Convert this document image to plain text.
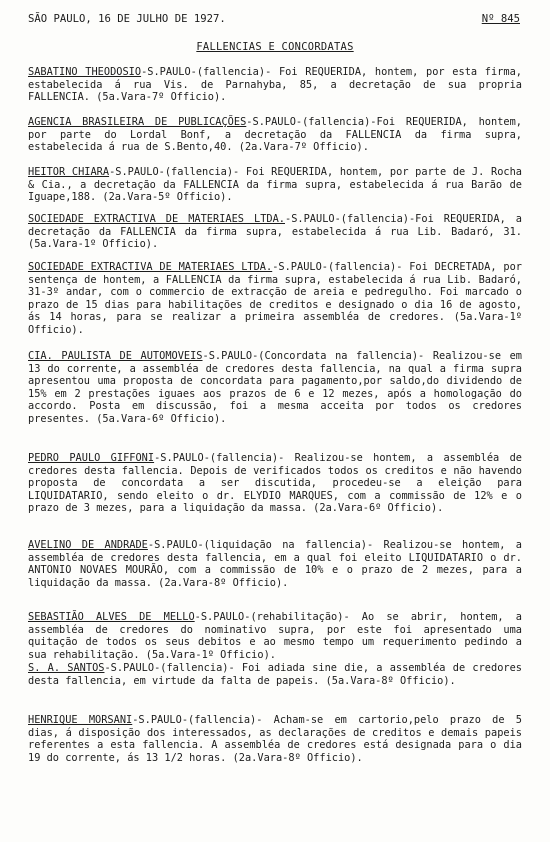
SÃO PAULO, 16 DE JULHO DE 1927.	Nº 845
FALLENCIAS E CONCORDATAS

SABATINO THEODOSIO-S.PAULO-(fallencia)- Foi REQUERIDA, hontem, por esta firma, estabelecida á rua Vis. de Parnahyba, 85, a decretação de sua propria FALLENCIA. (5a.Vara-7º Officio).

AGENCIA BRASILEIRA DE PUBLICAÇÕES-S.PAULO-(fallencia)-Foi REQUERIDA, hontem, por parte do Lordal Bonf, a decretação da FALLENCIA da firma supra, estabelecida á rua de S.Bento,40. (2a.Vara-7º Officio).

HEITOR CHIARA-S.PAULO-(fallencia)- Foi REQUERIDA, hontem, por parte de J. Rocha & Cia., a decretação da FALLENCIA da firma supra, estabelecida á rua Barão de Iguape,188. (2a.Vara-5º Officio).

SOCIEDADE EXTRACTIVA DE MATERIAES LTDA.-S.PAULO-(fallencia)-Foi REQUERIDA, a decretação da FALLENCIA da firma supra, estabelecida á rua Lib. Badaró, 31. (5a.Vara-1º Officio).

SOCIEDADE EXTRACTIVA DE MATERIAES LTDA.-S.PAULO-(fallencia)- Foi DECRETADA, por sentença de hontem, a FALLENCIA da firma supra, estabelecida á rua Lib. Badaró, 31-3º andar, com o commercio de extracção de areia e pedregulho. Foi marcado o prazo de 15 dias para habilitações de creditos e designado o dia 16 de agosto, ás 14 horas, para se realizar a primeira assembléa de credores. (5a.Vara-1º Officio).

CIA. PAULISTA DE AUTOMOVEIS-S.PAULO-(Concordata na fallencia)- Realizou-se em 13 do corrente, a assembléa de credores desta fallencia, na qual a firma supra apresentou uma proposta de concordata para pagamento,por saldo,do dividendo de 15% em 2 prestações iguaes aos prazos de 6 e 12 mezes, após a homologação do accordo. Posta em discussão, foi a mesma acceita por todos os credores presentes. (5a.Vara-6º Officio).

PEDRO PAULO GIFFONI-S.PAULO-(fallencia)- Realizou-se hontem, a assembléa de credores desta fallencia. Depois de verificados todos os creditos e não havendo proposta de concordata a ser discutida, procedeu-se a eleição para LIQUIDATARIO, sendo eleito o dr. ELYDIO MARQUES, com a commissão de 12% e o prazo de 3 mezes, para a liquidação da massa. (2a.Vara-6º Officio).

AVELINO DE ANDRADE-S.PAULO-(liquidação na fallencia)- Realizou-se hontem, a assembléa de credores desta fallencia, em a qual foi eleito LIQUIDATARIO o dr. ANTONIO NOVAES MOURÃO, com a commissão de 10% e o prazo de 2 mezes, para a liquidação da massa. (2a.Vara-8º Officio).

SEBASTIÃO ALVES DE MELLO-S.PAULO-(rehabilitação)- Ao se abrir, hontem, a assembléa de credores do nominativo supra, por este foi apresentado uma quitação de todos os seus debitos e ao mesmo tempo um requerimento pedindo a sua rehabilitação. (5a.Vara-1º Officio).

S. A. SANTOS-S.PAULO-(fallencia)- Foi adiada sine die, a assembléa de credores desta fallencia, em virtude da falta de papeis. (5a.Vara-8º Officio).

HENRIQUE MORSANI-S.PAULO-(fallencia)- Acham-se em cartorio,pelo prazo de 5 dias, á disposição dos interessados, as declarações de creditos e demais papeis referentes a esta fallencia. A assembléa de credores está designada para o dia 19 do corrente, ás 13 1/2 horas. (2a.Vara-8º Officio).
